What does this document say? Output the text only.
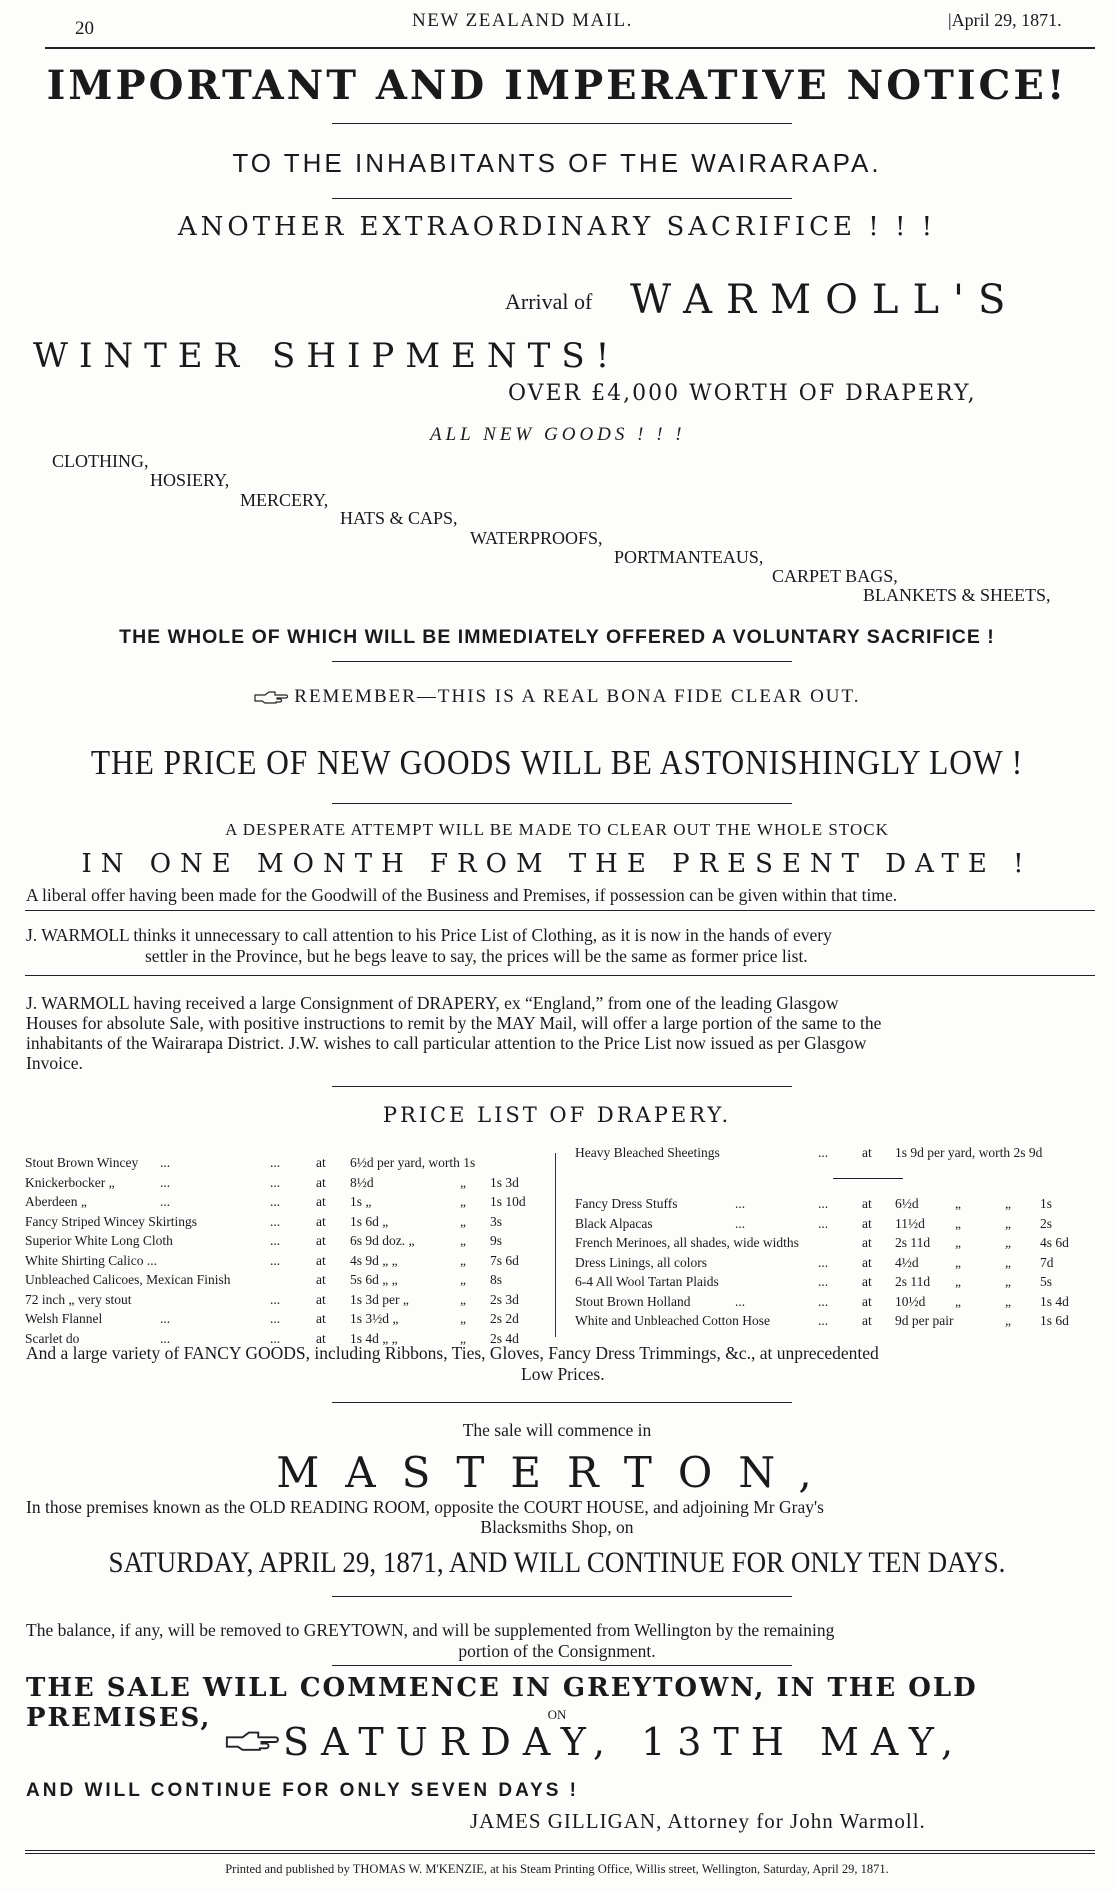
20	NEW ZEALAND MAIL.	|April 29, 1871.
IMPORTANT AND IMPERATIVE NOTICE!
TO THE INHABITANTS OF THE WAIRARAPA.
ANOTHER EXTRAORDINARY SACRIFICE ! ! !
Arrival of WARMOLL'S
WINTER SHIPMENTS!
OVER £4,000 WORTH OF DRAPERY,
ALL NEW GOODS ! ! !
CLOTHING,
HOSIERY,
MERCERY,
HATS & CAPS,
WATERPROOFS,
PORTMANTEAUS,
CARPET BAGS,
BLANKETS & SHEETS,
THE WHOLE OF WHICH WILL BE IMMEDIATELY OFFERED A VOLUNTARY SACRIFICE !
REMEMBER—THIS IS A REAL BONA FIDE CLEAR OUT.
THE PRICE OF NEW GOODS WILL BE ASTONISHINGLY LOW !
A DESPERATE ATTEMPT WILL BE MADE TO CLEAR OUT THE WHOLE STOCK
IN ONE MONTH FROM THE PRESENT DATE !
A liberal offer having been made for the Goodwill of the Business and Premises, if possession can be given within that time.
J. WARMOLL thinks it unnecessary to call attention to his Price List of Clothing, as it is now in the hands of every
settler in the Province, but he begs leave to say, the prices will be the same as former price list.
J. WARMOLL having received a large Consignment of DRAPERY, ex “England,” from one of the leading Glasgow
Houses for absolute Sale, with positive instructions to remit by the MAY Mail, will offer a large portion of the same to the
inhabitants of the Wairarapa District. J.W. wishes to call particular attention to the Price List now issued as per Glasgow
Invoice.
PRICE LIST OF DRAPERY.
Stout Brown Wincey ...	...	at 6½d per yard, worth 1s
Knickerbocker „	...	...	at 8½d	„ 1s 3d
Aberdeen „	...	...	at 1s „	„ 1s 10d
Fancy Striped Wincey Skirtings	...	at 1s 6d „	„ 3s
Superior White Long Cloth	...	at 6s 9d doz. „	„ 9s
White Shirting Calico ...	...	at 4s 9d „ „	„ 7s 6d
Unbleached Calicoes, Mexican Finish	at 5s 6d „ „	„ 8s
72 inch „ very stout	...	at 1s 3d per „	„ 2s 3d
Welsh Flannel	...	...	at 1s 3½d „	„ 2s 2d
Scarlet do	...	...	at 1s 4d „ „	„ 2s 4d
Heavy Bleached Sheetings	...	at 1s 9d per yard, worth 2s 9d
Fancy Dress Stuffs	...	...	at 6½d	„	„ 1s
Black Alpacas	...	...	at 11½d „	„ 2s
French Merinoes, all shades, wide widths	at 2s 11d „	„ 4s 6d
Dress Linings, all colors	...	at 4½d	„	„ 7d
6-4 All Wool Tartan Plaids	...	at 2s 11d „	„ 5s
Stout Brown Holland	...	...	at 10½d „	„ 1s 4d
White and Unbleached Cotton Hose	...	at 9d per pair	„ 1s 6d
And a large variety of FANCY GOODS, including Ribbons, Ties, Gloves, Fancy Dress Trimmings, &c., at unprecedented
Low Prices.
The sale will commence in
MASTERTON,
In those premises known as the OLD READING ROOM, opposite the COURT HOUSE, and adjoining Mr Gray's
Blacksmiths Shop, on
SATURDAY, APRIL 29, 1871, AND WILL CONTINUE FOR ONLY TEN DAYS.
The balance, if any, will be removed to GREYTOWN, and will be supplemented from Wellington by the remaining
portion of the Consignment.
THE SALE WILL COMMENCE IN GREYTOWN, IN THE OLD PREMISES,	ON
SATURDAY, 13TH MAY,
AND WILL CONTINUE FOR ONLY SEVEN DAYS !
JAMES GILLIGAN, Attorney for John Warmoll.
Printed and published by THOMAS W. M'KENZIE, at his Steam Printing Office, Willis street, Wellington, Saturday, April 29, 1871.
